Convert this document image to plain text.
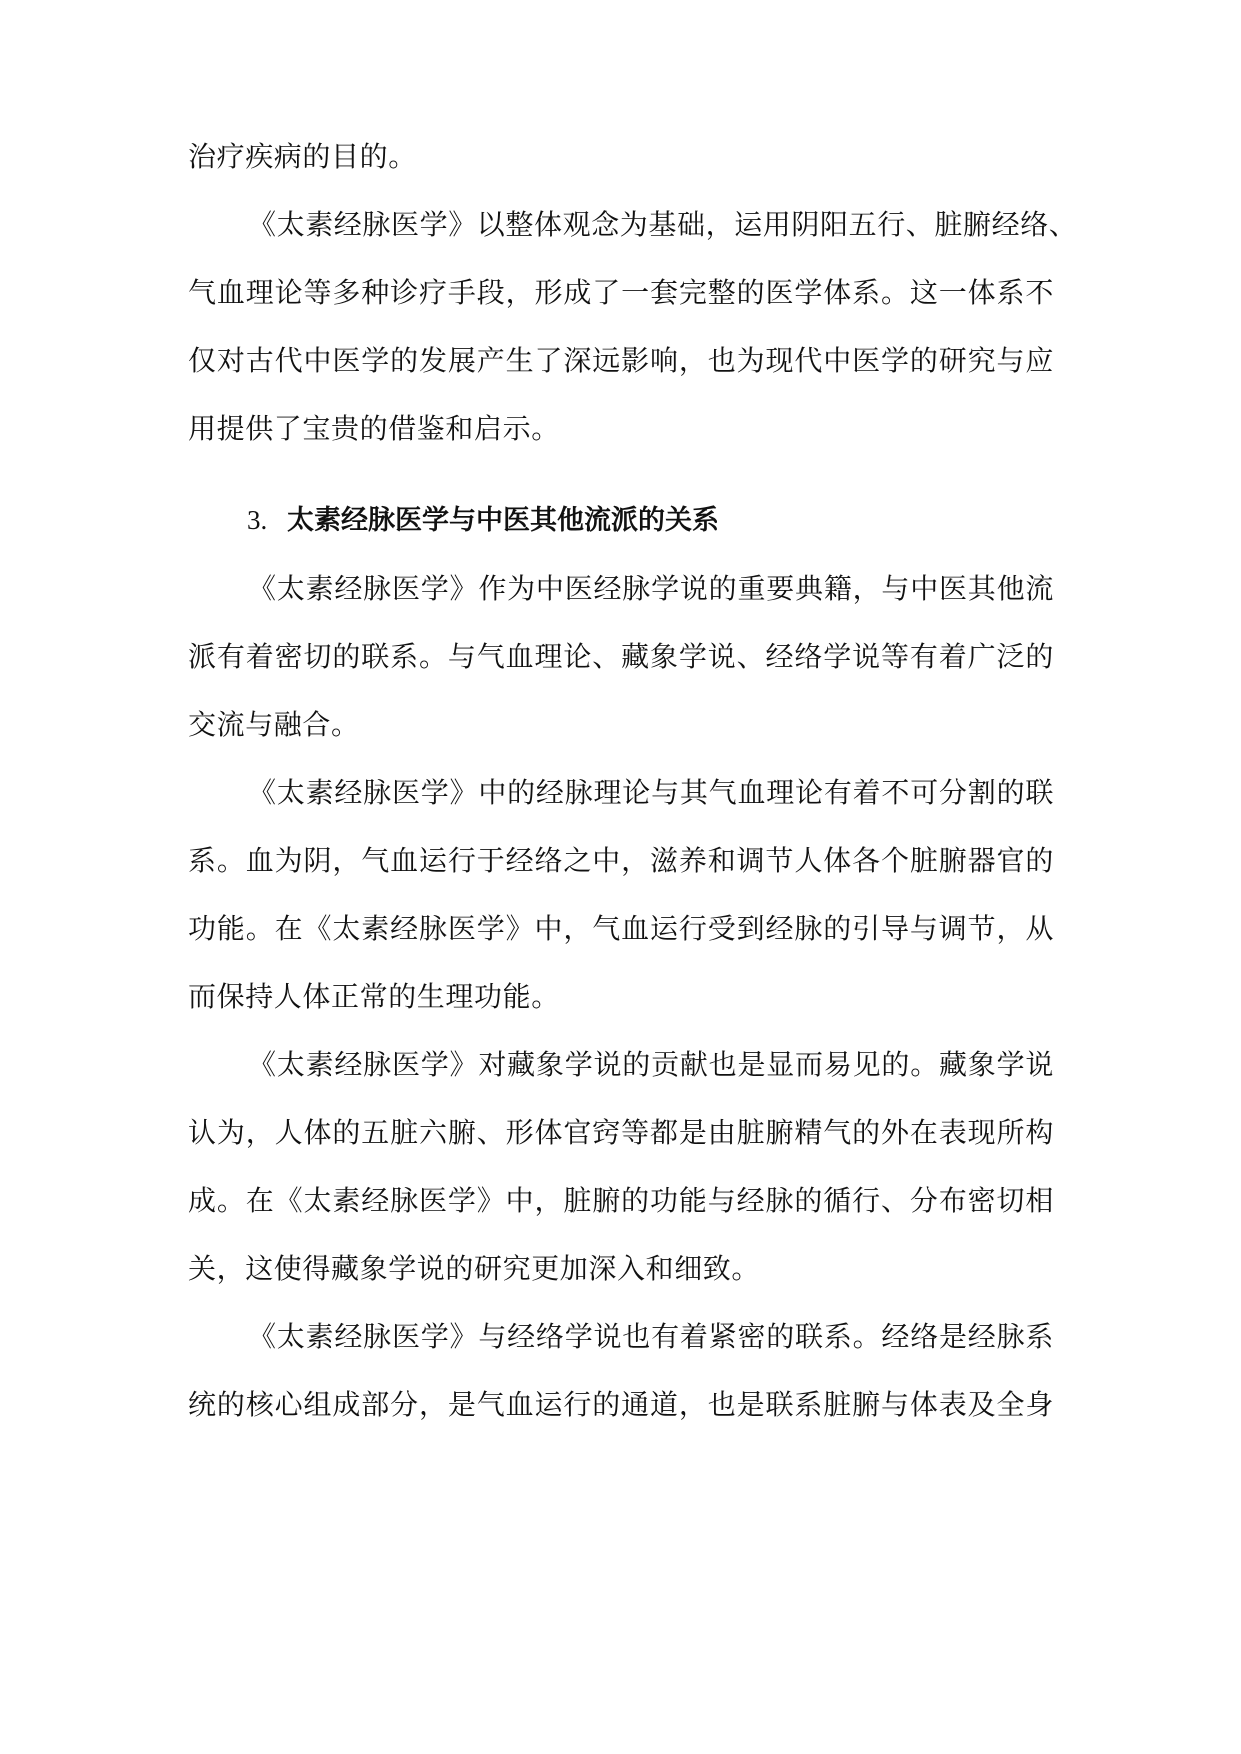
治疗疾病的目的。
《太素经脉医学》以整体观念为基础，运用阴阳五行、脏腑经络、
气血理论等多种诊疗手段，形成了一套完整的医学体系。这一体系不
仅对古代中医学的发展产生了深远影响，也为现代中医学的研究与应
用提供了宝贵的借鉴和启示。
3. 太素经脉医学与中医其他流派的关系
《太素经脉医学》作为中医经脉学说的重要典籍，与中医其他流
派有着密切的联系。与气血理论、藏象学说、经络学说等有着广泛的
交流与融合。
《太素经脉医学》中的经脉理论与其气血理论有着不可分割的联
系。血为阴，气血运行于经络之中，滋养和调节人体各个脏腑器官的
功能。在《太素经脉医学》中，气血运行受到经脉的引导与调节，从
而保持人体正常的生理功能。
《太素经脉医学》对藏象学说的贡献也是显而易见的。藏象学说
认为，人体的五脏六腑、形体官窍等都是由脏腑精气的外在表现所构
成。在《太素经脉医学》中，脏腑的功能与经脉的循行、分布密切相
关，这使得藏象学说的研究更加深入和细致。
《太素经脉医学》与经络学说也有着紧密的联系。经络是经脉系
统的核心组成部分，是气血运行的通道，也是联系脏腑与体表及全身
